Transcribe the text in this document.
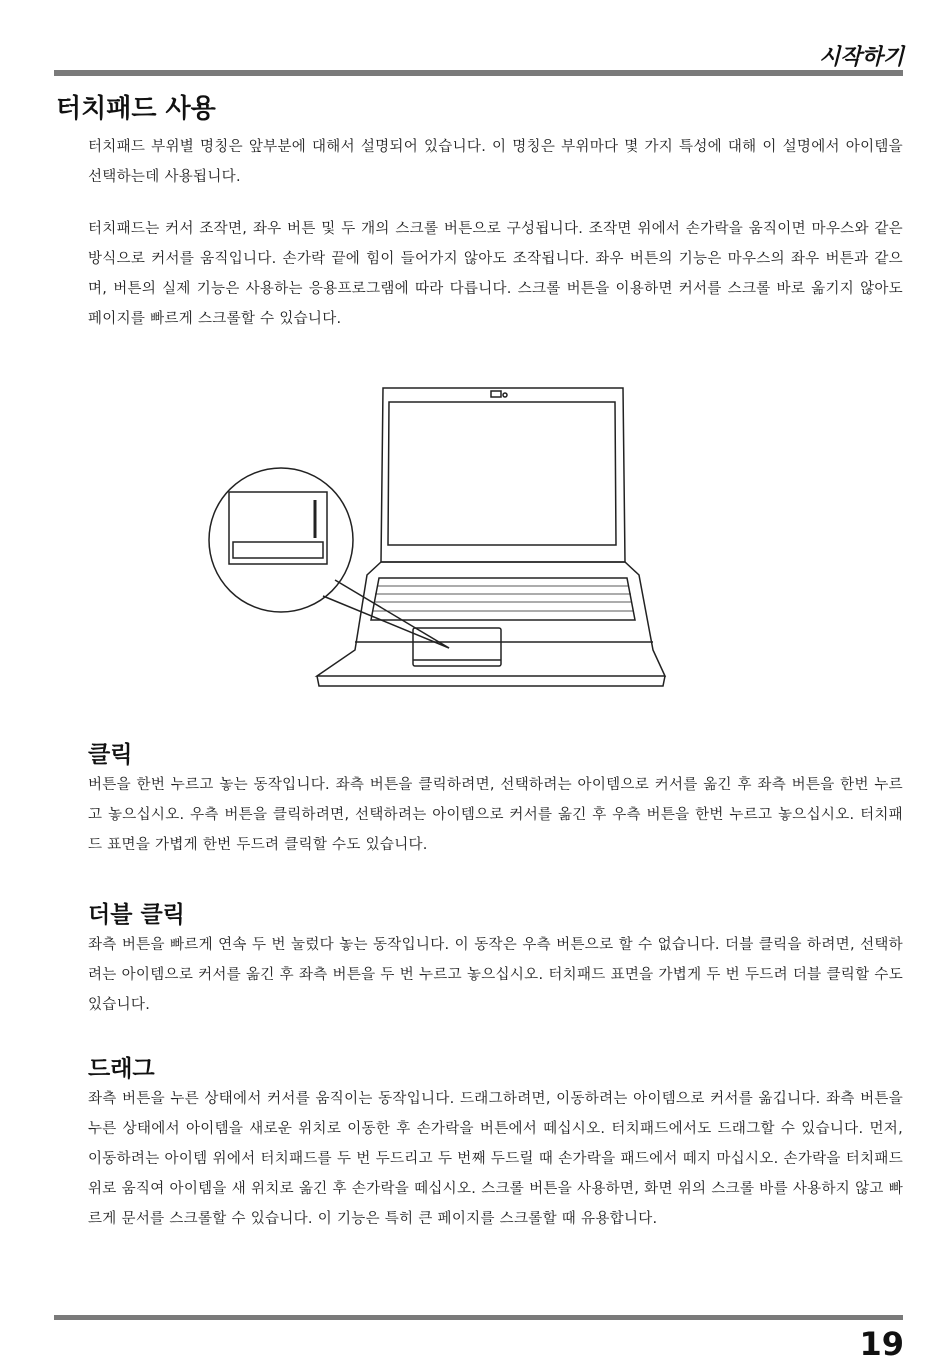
시작하기
터치패드 사용
터치패드 부위별 명칭은 앞부분에 대해서 설명되어 있습니다. 이 명칭은 부위마다 몇 가지 특성에 대해 이 설명에서 아이템을 선택하는데 사용됩니다.
터치패드는 커서 조작면, 좌우 버튼 및 두 개의 스크롤 버튼으로 구성됩니다. 조작면 위에서 손가락을 움직이면 마우스와 같은 방식으로 커서를 움직입니다. 손가락 끝에 힘이 들어가지 않아도 조작됩니다. 좌우 버튼의 기능은 마우스의 좌우 버튼과 같으며, 버튼의 실제 기능은 사용하는 응용프로그램에 따라 다릅니다. 스크롤 버튼을 이용하면 커서를 스크롤 바로 옮기지 않아도 페이지를 빠르게 스크롤할 수 있습니다.
클릭
버튼을 한번 누르고 놓는 동작입니다. 좌측 버튼을 클릭하려면, 선택하려는 아이템으로 커서를 옮긴 후 좌측 버튼을 한번 누르고 놓으십시오. 우측 버튼을 클릭하려면, 선택하려는 아이템으로 커서를 옮긴 후 우측 버튼을 한번 누르고 놓으십시오. 터치패드 표면을 가볍게 한번 두드려 클릭할 수도 있습니다.
더블 클릭
좌측 버튼을 빠르게 연속 두 번 눌렀다 놓는 동작입니다. 이 동작은 우측 버튼으로 할 수 없습니다. 더블 클릭을 하려면, 선택하려는 아이템으로 커서를 옮긴 후 좌측 버튼을 두 번 누르고 놓으십시오. 터치패드 표면을 가볍게 두 번 두드려 더블 클릭할 수도 있습니다.
드래그
좌측 버튼을 누른 상태에서 커서를 움직이는 동작입니다. 드래그하려면, 이동하려는 아이템으로 커서를 옮깁니다. 좌측 버튼을 누른 상태에서 아이템을 새로운 위치로 이동한 후 손가락을 버튼에서 떼십시오. 터치패드에서도 드래그할 수 있습니다. 먼저, 이동하려는 아이템 위에서 터치패드를 두 번 두드리고 두 번째 두드릴 때 손가락을 패드에서 떼지 마십시오. 손가락을 터치패드 위로 움직여 아이템을 새 위치로 옮긴 후 손가락을 떼십시오. 스크롤 버튼을 사용하면, 화면 위의 스크롤 바를 사용하지 않고 빠르게 문서를 스크롤할 수 있습니다. 이 기능은 특히 큰 페이지를 스크롤할 때 유용합니다.
19
